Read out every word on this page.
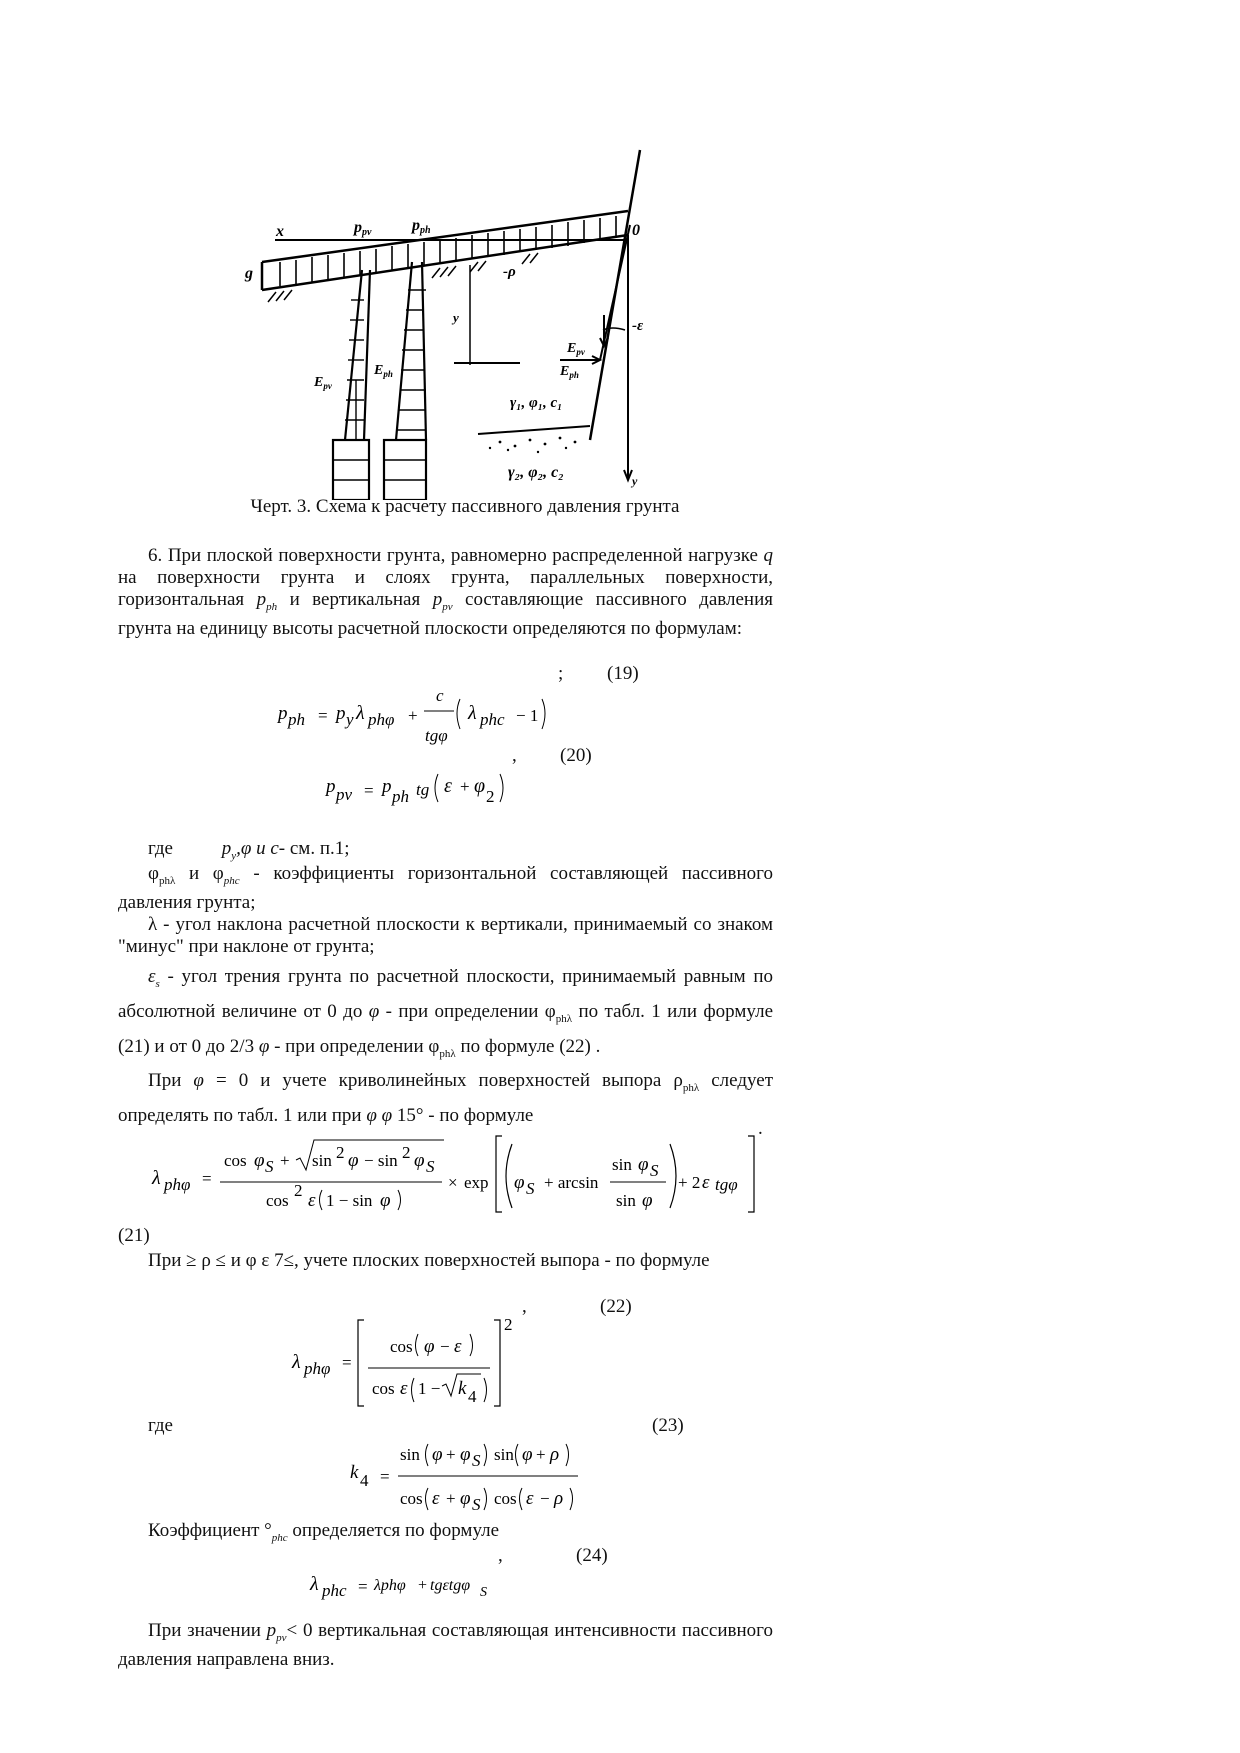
x	ppv	pph	0
g	-ρ
y
-ε
$E_{pv}$
$E_{ph}$
$E_{pv}$
$E_{ph}$
γ₁, φ₁, c₁
γ₂, φ₂, c₂	y
Черт. 3. Схема к расчету пассивного давления грунта
6. При плоской поверхности грунта, равномерно распределенной нагрузке q на поверхности грунта и слоях грунта, параллельных поверхности, горизонтальная $p_{ph}$ и вертикальная $p_{pv}$ составляющие пассивного давления грунта на единицу высоты расчетной плоскости определяются по формулам:
; (19)
p ph = p y λ phφ +
c
tgφ
λ phc − 1
, (20)
p pv = p ph tg ε + φ 2
где	$p_y,\varphi$ и c- см. п.1;
$\varphi_{ph\lambda}$ и $\varphi_{phc}$ - коэффициенты горизонтальной составляющей пассивного давления грунта;
λ - угол наклона расчетной плоскости к вертикали, принимаемый со знаком "минус" при наклоне от грунта;
$\varepsilon_s$ - угол трения грунта по расчетной плоскости, принимаемый равным по абсолютной величине от 0 до φ - при определении $\varphi_{ph\lambda}$ по табл. 1 или формуле (21) и от 0 до 2/3 φ - при определении $\varphi_{ph\lambda}$ по формуле (22) .
При φ = 0 и учете криволинейных поверхностей выпора $\rho_{ph\lambda}$ следует определять по табл. 1 или при φ φ 15° - по формуле
.
λ phφ =
cos φ S + sin 2 φ − sin 2 φ S
cos
2 ε 1 − sin φ
× exp φ S + arcsin
sin φ S
sin φ
+ 2 ε tgφ
(21)
При ≥ ρ ≤ и φ ε 7≤, учете плоских поверхностей выпора - по формуле
,	(22)
λ phφ =
cos φ − ε
cos ε 1 − k 4
2
где	(23)
k 4 =
sin φ + φ S sin φ + ρ
cos ε + φ S cos ε − ρ
Коэффициент $^\circ_{phc}$ определяется по формуле
,	(24)
λ phc = λphφ + tgεtgφ S
При значении $p_{pv}< 0$ вертикальная составляющая интенсивности пассивного давления направлена вниз.
